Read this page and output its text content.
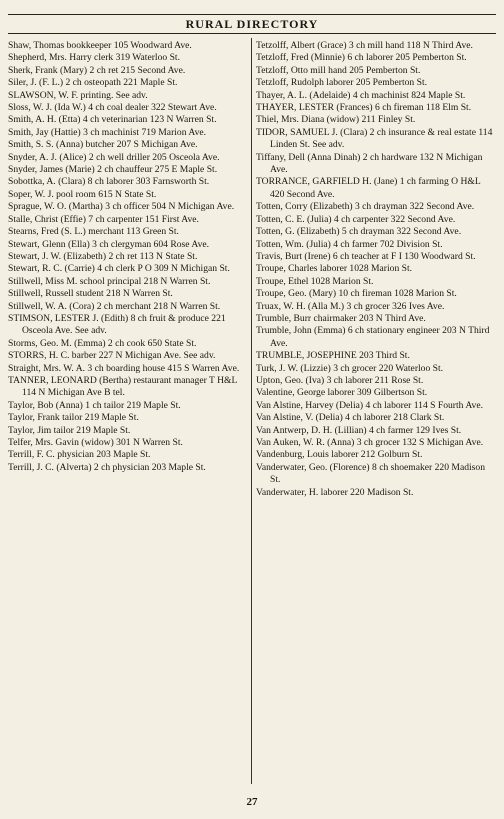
RURAL DIRECTORY
Shaw, Thomas bookkeeper 105 Woodward Ave.
Shepherd, Mrs. Harry clerk 319 Waterloo St.
Sherk, Frank (Mary) 2 ch ret 215 Second Ave.
Siler, J. (F. L.) 2 ch osteopath 221 Maple St.
SLAWSON, W. F. printing. See adv.
Sloss, W. J. (Ida W.) 4 ch coal dealer 322 Stewart Ave.
Smith, A. H. (Etta) 4 ch veterinarian 123 N Warren St.
Smith, Jay (Hattie) 3 ch machinist 719 Marion Ave.
Smith, S. S. (Anna) butcher 207 S Michigan Ave.
Snyder, A. J. (Alice) 2 ch well driller 205 Osceola Ave.
Snyder, James (Marie) 2 ch chauffeur 275 E Maple St.
Sobottka, A. (Clara) 8 ch laborer 303 Farnsworth St.
Soper, W. J. pool room 615 N State St.
Sprague, W. O. (Martha) 3 ch officer 504 N Michigan Ave.
Stalle, Christ (Effie) 7 ch carpenter 151 First Ave.
Stearns, Fred (S. L.) merchant 113 Green St.
Stewart, Glenn (Ella) 3 ch clergyman 604 Rose Ave.
Stewart, J. W. (Elizabeth) 2 ch ret 113 N State St.
Stewart, R. C. (Carrie) 4 ch clerk P O 309 N Michigan St.
Stillwell, Miss M. school principal 218 N Warren St.
Stillwell, Russell student 218 N Warren St.
Stillwell, W. A. (Cora) 2 ch merchant 218 N Warren St.
STIMSON, LESTER J. (Edith) 8 ch fruit & produce 221 Osceola Ave. See adv.
Storms, Geo. M. (Emma) 2 ch cook 650 State St.
STORRS, H. C. barber 227 N Michigan Ave. See adv.
Straight, Mrs. W. A. 3 ch boarding house 415 S Warren Ave.
TANNER, LEONARD (Bertha) restaurant manager T H&L 114 N Michigan Ave B tel.
Taylor, Bob (Anna) 1 ch tailor 219 Maple St.
Taylor, Frank tailor 219 Maple St.
Taylor, Jim tailor 219 Maple St.
Telfer, Mrs. Gavin (widow) 301 N Warren St.
Terrill, F. C. physician 203 Maple St.
Terrill, J. C. (Alverta) 2 ch physician 203 Maple St.
Tetzolff, Albert (Grace) 3 ch mill hand 118 N Third Ave.
Tetzloff, Fred (Minnie) 6 ch laborer 205 Pemberton St.
Tetzloff, Otto mill hand 205 Pemberton St.
Tetzloff, Rudolph laborer 205 Pemberton St.
Thayer, A. L. (Adelaide) 4 ch machinist 824 Maple St.
THAYER, LESTER (Frances) 6 ch fireman 118 Elm St.
Thiel, Mrs. Diana (widow) 211 Finley St.
TIDOR, SAMUEL J. (Clara) 2 ch insurance & real estate 114 Linden St. See adv.
Tiffany, Dell (Anna Dinah) 2 ch hardware 132 N Michigan Ave.
TORRANCE, GARFIELD H. (Jane) 1 ch farming O H&L 420 Second Ave.
Totten, Corry (Elizabeth) 3 ch drayman 322 Second Ave.
Totten, C. E. (Julia) 4 ch carpenter 322 Second Ave.
Totten, G. (Elizabeth) 5 ch drayman 322 Second Ave.
Totten, Wm. (Julia) 4 ch farmer 702 Division St.
Travis, Burt (Irene) 6 ch teacher at F I 130 Woodward St.
Troupe, Charles laborer 1028 Marion St.
Troupe, Ethel 1028 Marion St.
Troupe, Geo. (Mary) 10 ch fireman 1028 Marion St.
Truax, W. H. (Alla M.) 3 ch grocer 326 Ives Ave.
Trumble, Burr chairmaker 203 N Third Ave.
Trumble, John (Emma) 6 ch stationary engineer 203 N Third Ave.
TRUMBLE, JOSEPHINE 203 Third St.
Turk, J. W. (Lizzie) 3 ch grocer 220 Waterloo St.
Upton, Geo. (Iva) 3 ch laborer 211 Rose St.
Valentine, George laborer 309 Gilbertson St.
Van Alstine, Harvey (Delia) 4 ch laborer 114 S Fourth Ave.
Van Alstine, V. (Delia) 4 ch laborer 218 Clark St.
Van Antwerp, D. H. (Lillian) 4 ch farmer 129 Ives St.
Van Auken, W. R. (Anna) 3 ch grocer 132 S Michigan Ave.
Vandenburg, Louis laborer 212 Golburn St.
Vanderwater, Geo. (Florence) 8 ch shoemaker 220 Madison St.
Vanderwater, H. laborer 220 Madison St.
27
